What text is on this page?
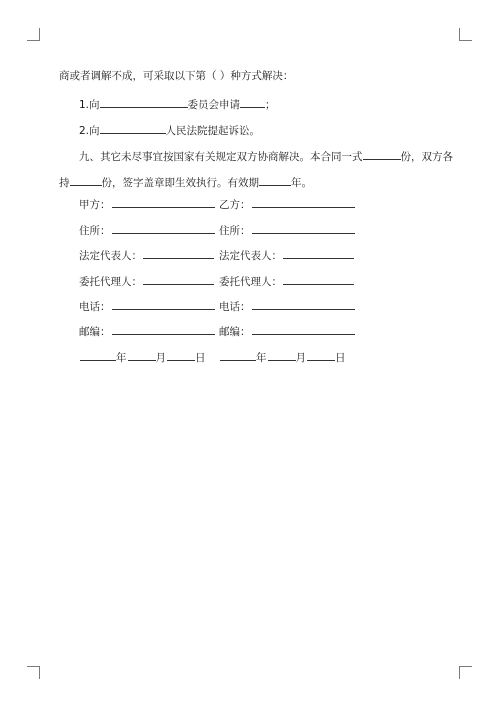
商或者调解不成，可采取以下第（ ）种方式解决：
1.向	委员会申请 ；
2.向	人民法院提起诉讼。
九、其它未尽事宜按国家有关规定双方协商解决。本合同一式	份，双方各
持	份，签字盖章即生效执行。有效期	年。
甲方：	乙方：
住所：	住所：
法定代表人：	法定代表人：
委托代理人：	委托代理人：
电话：	电话：
邮编：	邮编：
年	月	日	年	月	日
